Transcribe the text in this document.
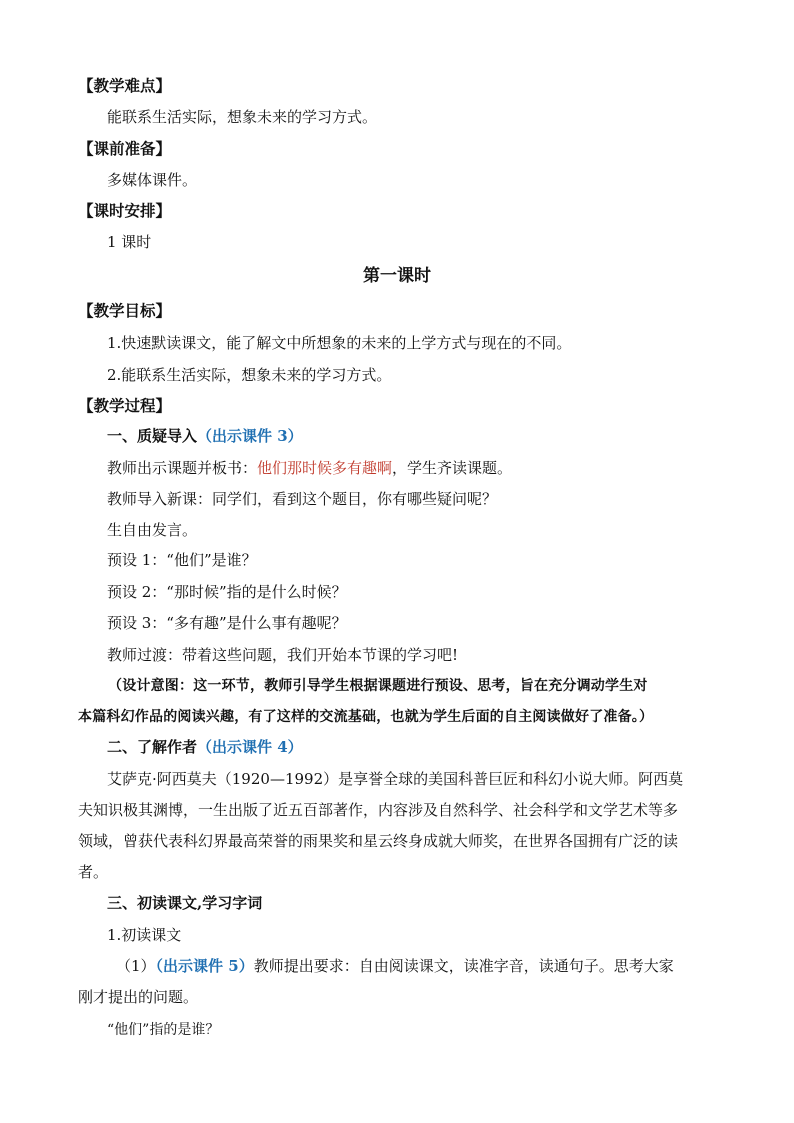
【教学难点】
能联系生活实际，想象未来的学习方式。
【课前准备】
多媒体课件。
【课时安排】
1 课时
第一课时
【教学目标】
1.快速默读课文，能了解文中所想象的未来的上学方式与现在的不同。
2.能联系生活实际，想象未来的学习方式。
【教学过程】
一、质疑导入（出示课件 3）
教师出示课题并板书：他们那时候多有趣啊，学生齐读课题。
教师导入新课：同学们，看到这个题目，你有哪些疑问呢？
生自由发言。
预设 1：“他们”是谁？
预设 2：“那时候”指的是什么时候？
预设 3：“多有趣”是什么事有趣呢？
教师过渡：带着这些问题，我们开始本节课的学习吧!
（设计意图：这一环节，教师引导学生根据课题进行预设、思考，旨在充分调动学生对
本篇科幻作品的阅读兴趣，有了这样的交流基础，也就为学生后面的自主阅读做好了准备。）
二、了解作者（出示课件 4）
艾萨克·阿西莫夫（1920—1992）是享誉全球的美国科普巨匠和科幻小说大师。阿西莫
夫知识极其渊博，一生出版了近五百部著作，内容涉及自然科学、社会科学和文学艺术等多
领域，曾获代表科幻界最高荣誉的雨果奖和星云终身成就大师奖，在世界各国拥有广泛的读
者。
三、初读课文,学习字词
1.初读课文
（1）（出示课件 5）教师提出要求：自由阅读课文，读准字音，读通句子。思考大家
刚才提出的问题。
“他们”指的是谁？
